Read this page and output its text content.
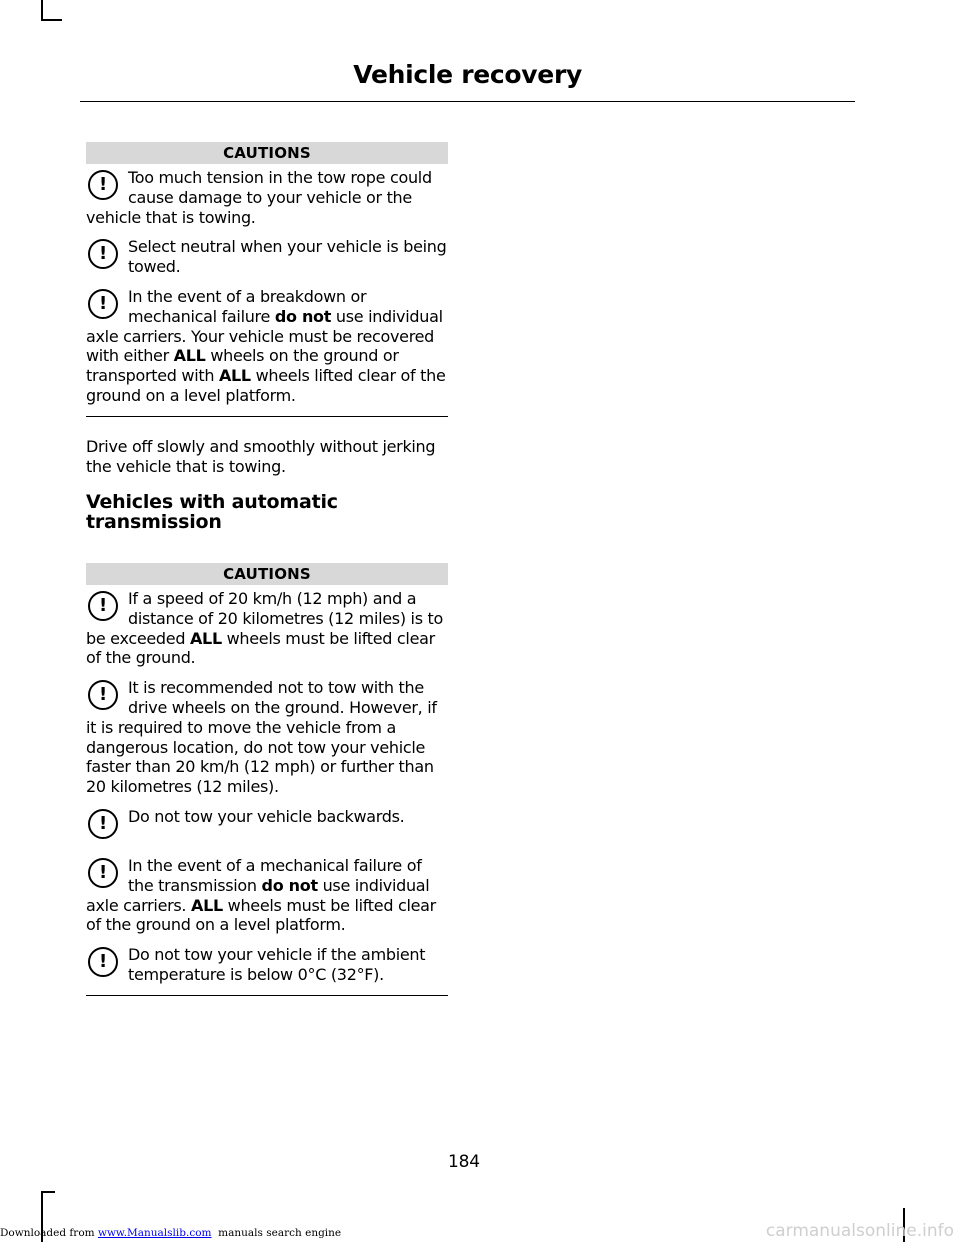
Vehicle recovery
CAUTIONS
!	Too much tension in the tow rope could cause damage to your vehicle or the vehicle that is towing.

!	Select neutral when your vehicle is being towed.

!	In the event of a breakdown or mechanical failure do not use individual axle carriers. Your vehicle must be recovered with either ALL wheels on the ground or transported with ALL wheels lifted clear of the ground on a level platform.

Drive off slowly and smoothly without jerking the vehicle that is towing.

Vehicles with automatic transmission

CAUTIONS
!	If a speed of 20 km/h (12 mph) and a distance of 20 kilometres (12 miles) is to be exceeded ALL wheels must be lifted clear of the ground.

!	It is recommended not to tow with the drive wheels on the ground. However, if it is required to move the vehicle from a dangerous location, do not tow your vehicle faster than 20 km/h (12 mph) or further than 20 kilometres (12 miles).

!	Do not tow your vehicle backwards.

!	In the event of a mechanical failure of the transmission do not use individual axle carriers. ALL wheels must be lifted clear of the ground on a level platform.

!	Do not tow your vehicle if the ambient temperature is below 0°C (32°F).

184
Downloaded from www.Manualslib.com  manuals search engine	carmanualsonline.info
